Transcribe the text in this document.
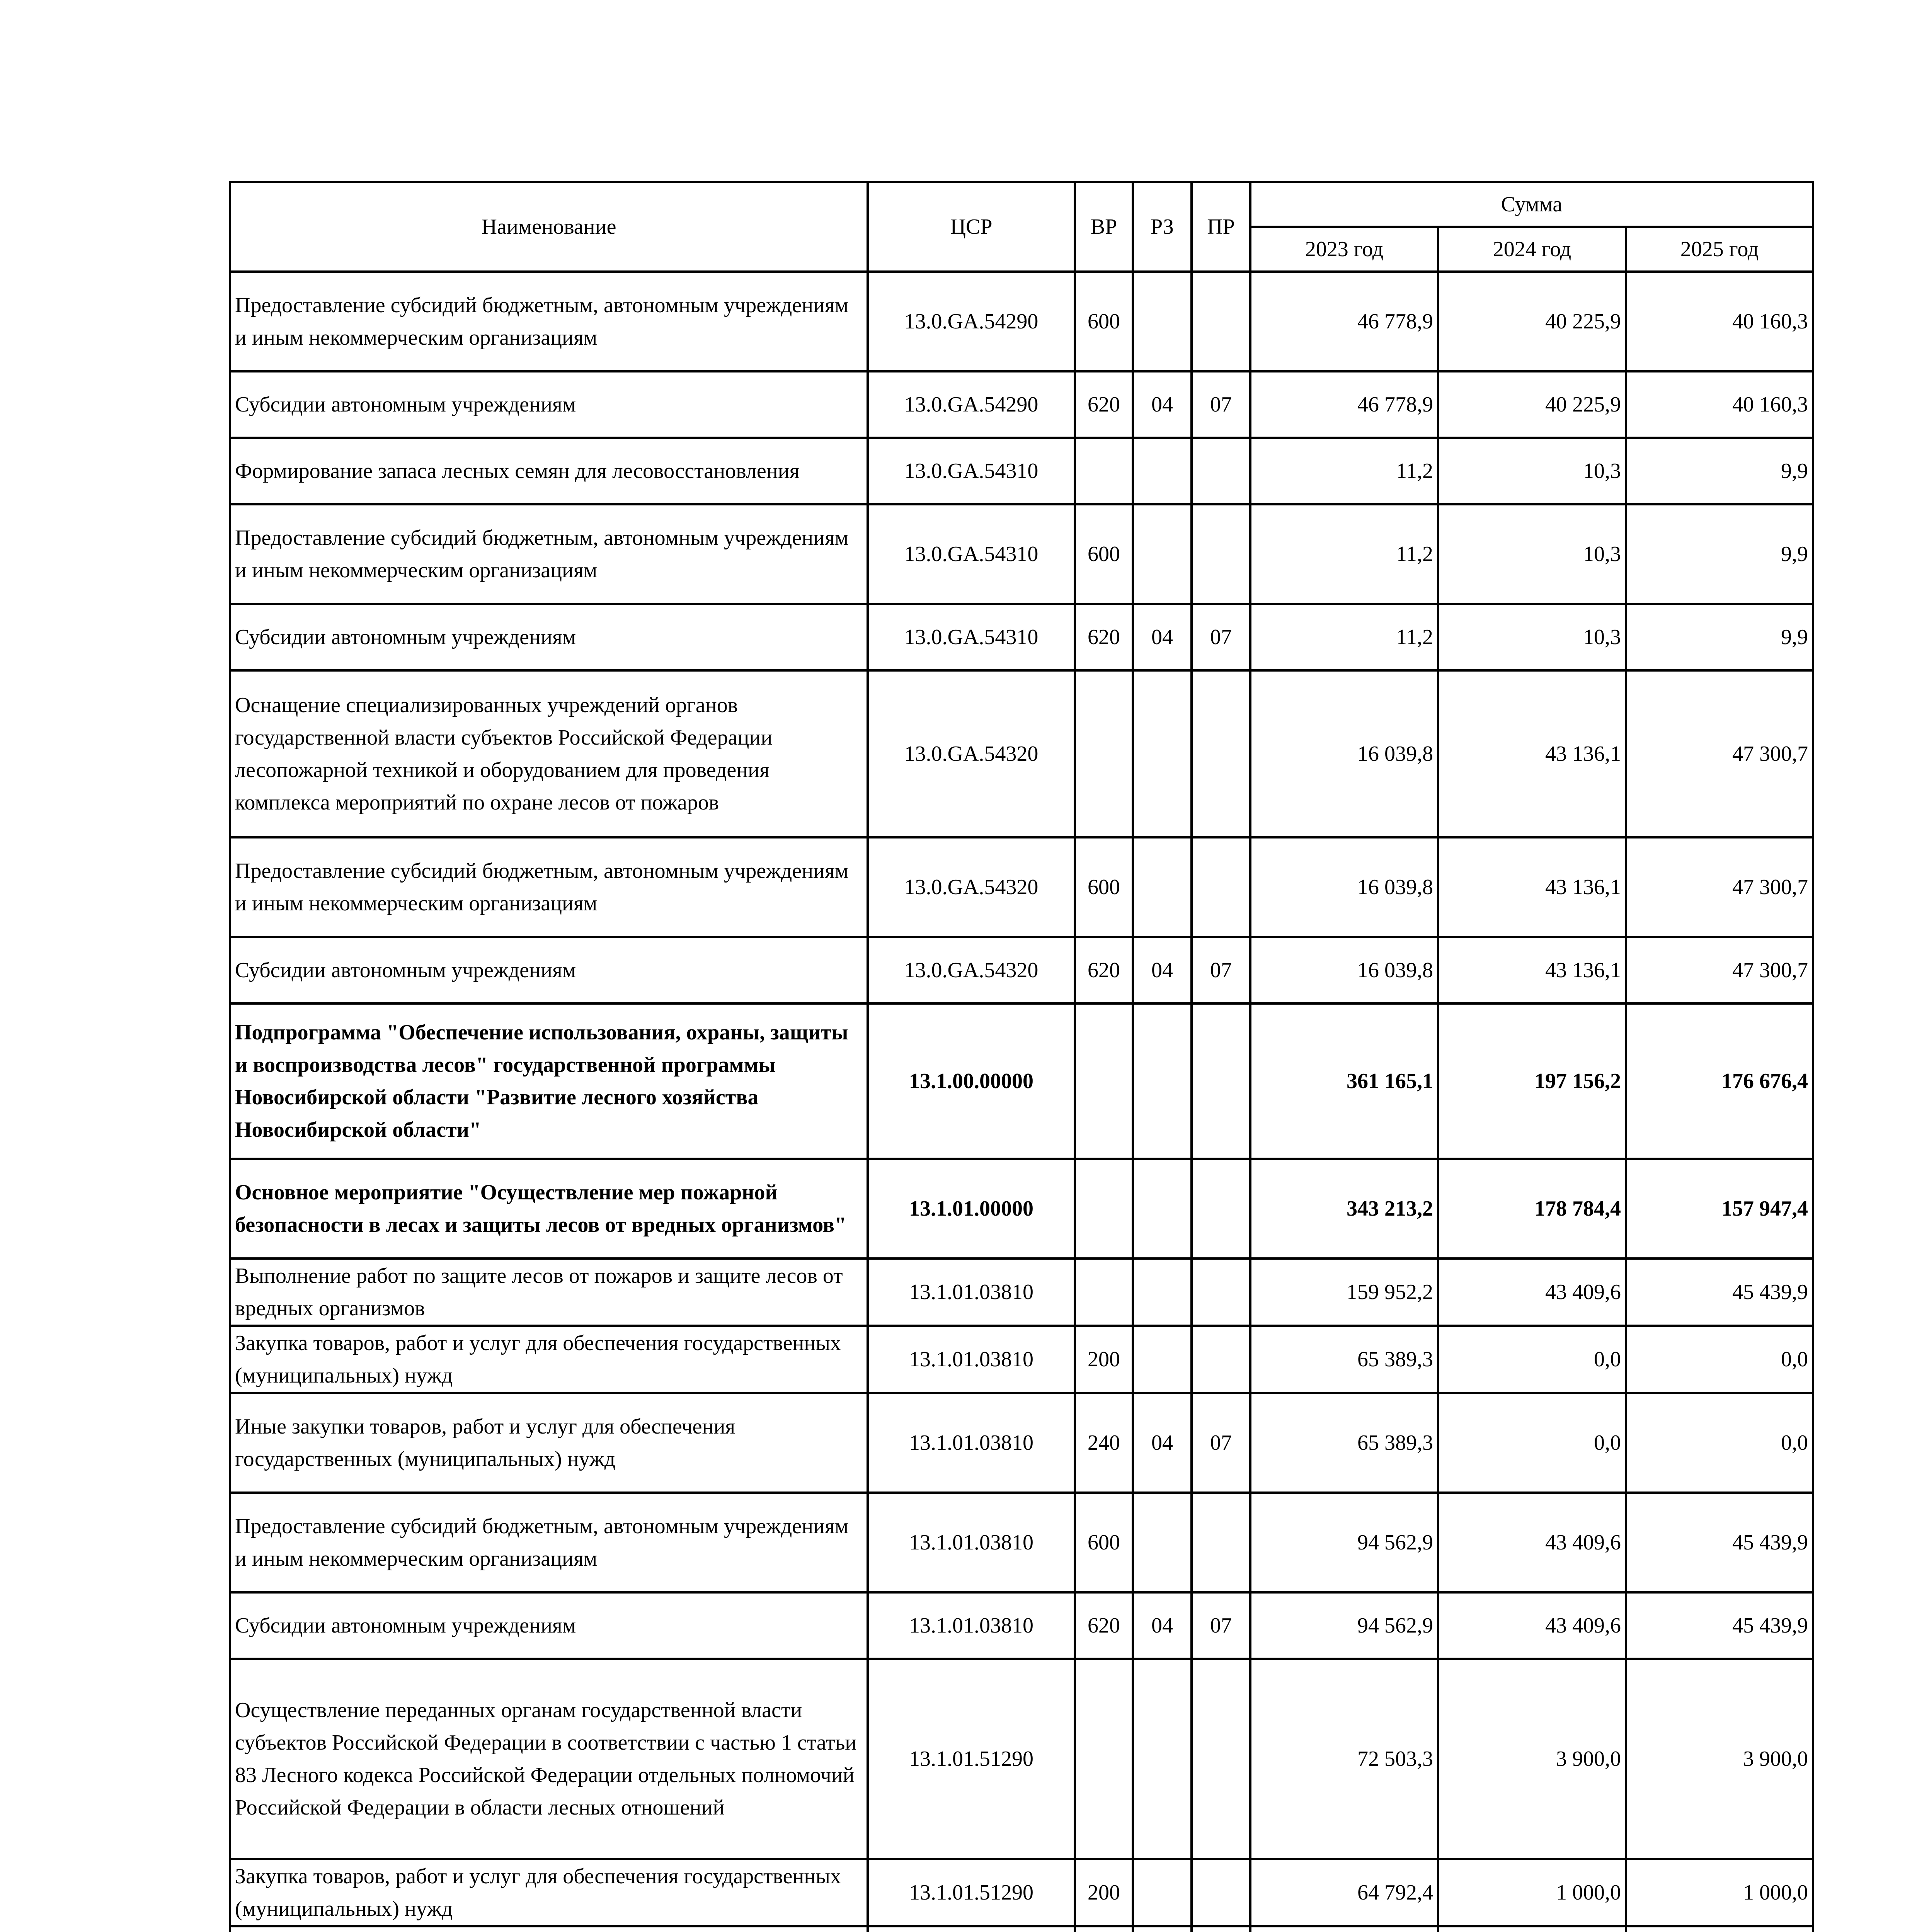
Наименование	ЦСР	ВР	РЗ	ПР	Сумма		
					2023 год	2024 год	2025 год
Предоставление субсидий бюджетным, автономным учреждениям и иным некоммерческим организациям	13.0.GA.54290	600			46 778,9	40 225,9	40 160,3
Субсидии автономным учреждениям	13.0.GA.54290	620	04	07	46 778,9	40 225,9	40 160,3
Формирование запаса лесных семян для лесовосстановления	13.0.GA.54310				11,2	10,3	9,9
Предоставление субсидий бюджетным, автономным учреждениям и иным некоммерческим организациям	13.0.GA.54310	600			11,2	10,3	9,9
Субсидии автономным учреждениям	13.0.GA.54310	620	04	07	11,2	10,3	9,9
Оснащение специализированных учреждений органов государственной власти субъектов Российской Федерации лесопожарной техникой и оборудованием для проведения комплекса мероприятий по охране лесов от пожаров	13.0.GA.54320				16 039,8	43 136,1	47 300,7
Предоставление субсидий бюджетным, автономным учреждениям и иным некоммерческим организациям	13.0.GA.54320	600			16 039,8	43 136,1	47 300,7
Субсидии автономным учреждениям	13.0.GA.54320	620	04	07	16 039,8	43 136,1	47 300,7
Подпрограмма "Обеспечение использования, охраны, защиты и воспроизводства лесов" государственной программы Новосибирской области "Развитие лесного хозяйства Новосибирской области"	13.1.00.00000				361 165,1	197 156,2	176 676,4
Основное мероприятие "Осуществление мер пожарной безопасности в лесах и защиты лесов от вредных организмов"	13.1.01.00000				343 213,2	178 784,4	157 947,4
Выполнение работ по защите лесов от пожаров и защите лесов от вредных организмов	13.1.01.03810				159 952,2	43 409,6	45 439,9
Закупка товаров, работ и услуг для обеспечения государственных (муниципальных) нужд	13.1.01.03810	200			65 389,3	0,0	0,0
Иные закупки товаров, работ и услуг для обеспечения государственных (муниципальных) нужд	13.1.01.03810	240	04	07	65 389,3	0,0	0,0
Предоставление субсидий бюджетным, автономным учреждениям и иным некоммерческим организациям	13.1.01.03810	600			94 562,9	43 409,6	45 439,9
Субсидии автономным учреждениям	13.1.01.03810	620	04	07	94 562,9	43 409,6	45 439,9
Осуществление переданных органам государственной власти субъектов Российской Федерации в соответствии с частью 1 статьи 83 Лесного кодекса Российской Федерации отдельных полномочий Российской Федерации в области лесных отношений	13.1.01.51290				72 503,3	3 900,0	3 900,0
Закупка товаров, работ и услуг для обеспечения государственных (муниципальных) нужд	13.1.01.51290	200			64 792,4	1 000,0	1 000,0
